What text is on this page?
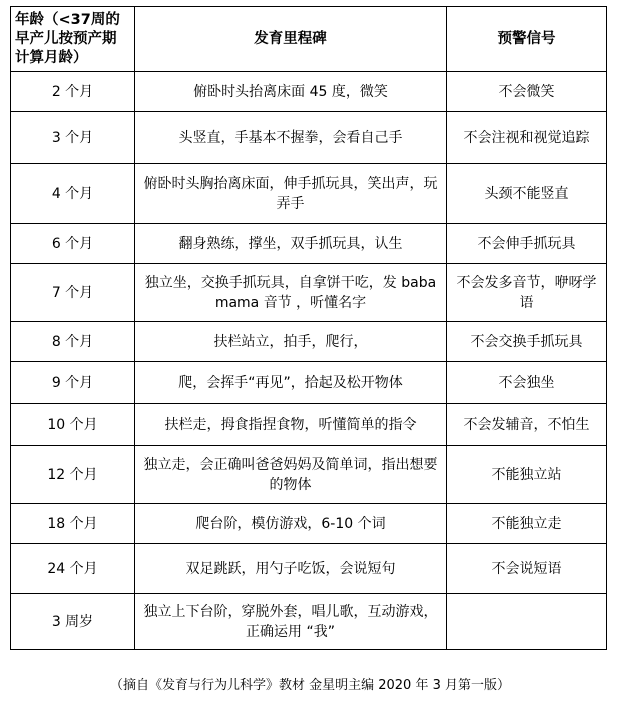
年龄（<37周的早产儿按预产期计算月龄）	发育里程碑	预警信号
2 个月	俯卧时头抬离床面 45 度，微笑	不会微笑
3 个月	头竖直，手基本不握拳，会看自己手	不会注视和视觉追踪
4 个月	俯卧时头胸抬离床面，伸手抓玩具，笑出声，玩弄手	头颈不能竖直
6 个月	翻身熟练，撑坐，双手抓玩具，认生	不会伸手抓玩具
7 个月	独立坐，交换手抓玩具，自拿饼干吃，发 baba mama 音节 ，听懂名字	不会发多音节，咿呀学语
8 个月	扶栏站立，拍手，爬行，	不会交换手抓玩具
9 个月	爬，会挥手“再见”，拾起及松开物体	不会独坐
10 个月	扶栏走，拇食指捏食物，听懂简单的指令	不会发辅音，不怕生
12 个月	独立走，会正确叫爸爸妈妈及简单词，指出想要的物体	不能独立站
18 个月	爬台阶，模仿游戏，6-10 个词	不能独立走
24 个月	双足跳跃，用勺子吃饭，会说短句	不会说短语
3 周岁	独立上下台阶，穿脱外套，唱儿歌，互动游戏，正确运用 “我”	
（摘自《发育与行为儿科学》教材 金星明主编 2020 年 3 月第一版）
